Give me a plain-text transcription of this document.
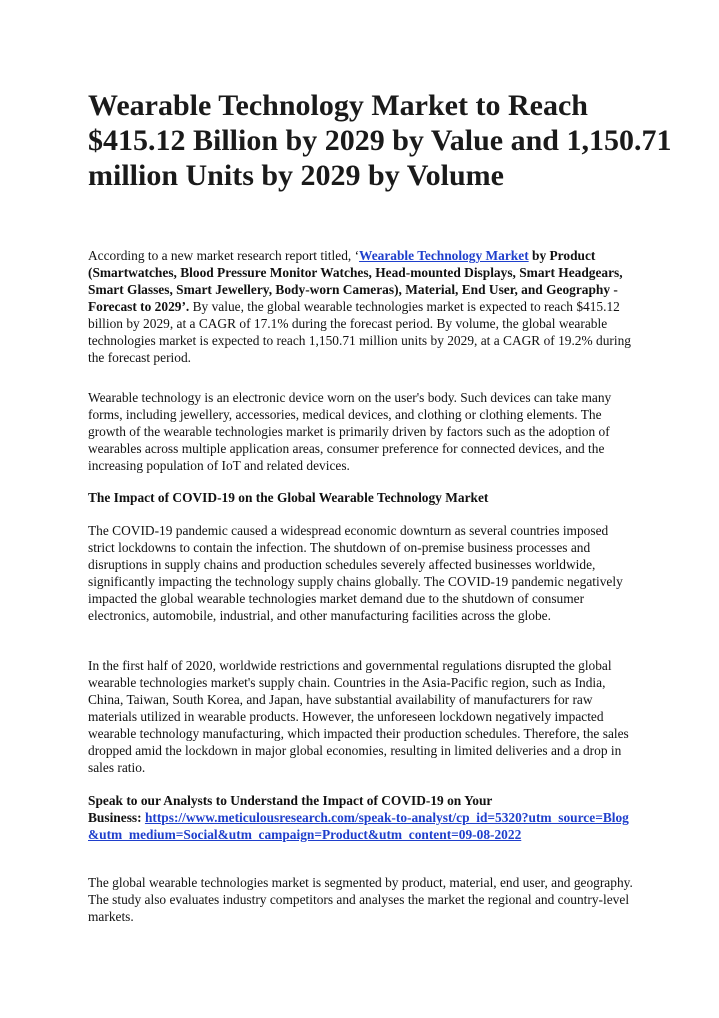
Wearable Technology Market to Reach $415.12 Billion by 2029 by Value and 1,150.71 million Units by 2029 by Volume

According to a new market research report titled, ‘Wearable Technology Market by Product (Smartwatches, Blood Pressure Monitor Watches, Head-mounted Displays, Smart Headgears, Smart Glasses, Smart Jewellery, Body-worn Cameras), Material, End User, and Geography - Forecast to 2029’. By value, the global wearable technologies market is expected to reach $415.12 billion by 2029, at a CAGR of 17.1% during the forecast period. By volume, the global wearable technologies market is expected to reach 1,150.71 million units by 2029, at a CAGR of 19.2% during the forecast period.

Wearable technology is an electronic device worn on the user's body. Such devices can take many forms, including jewellery, accessories, medical devices, and clothing or clothing elements. The growth of the wearable technologies market is primarily driven by factors such as the adoption of wearables across multiple application areas, consumer preference for connected devices, and the increasing population of IoT and related devices.

The Impact of COVID-19 on the Global Wearable Technology Market

The COVID-19 pandemic caused a widespread economic downturn as several countries imposed strict lockdowns to contain the infection. The shutdown of on-premise business processes and disruptions in supply chains and production schedules severely affected businesses worldwide, significantly impacting the technology supply chains globally. The COVID-19 pandemic negatively impacted the global wearable technologies market demand due to the shutdown of consumer electronics, automobile, industrial, and other manufacturing facilities across the globe.

In the first half of 2020, worldwide restrictions and governmental regulations disrupted the global wearable technologies market's supply chain. Countries in the Asia-Pacific region, such as India, China, Taiwan, South Korea, and Japan, have substantial availability of manufacturers for raw materials utilized in wearable products. However, the unforeseen lockdown negatively impacted wearable technology manufacturing, which impacted their production schedules. Therefore, the sales dropped amid the lockdown in major global economies, resulting in limited deliveries and a drop in sales ratio.

Speak to our Analysts to Understand the Impact of COVID-19 on Your
Business: https://www.meticulousresearch.com/speak-to-analyst/cp_id=5320?utm_source=Blog&utm_medium=Social&utm_campaign=Product&utm_content=09-08-2022

The global wearable technologies market is segmented by product, material, end user, and geography. The study also evaluates industry competitors and analyses the market the regional and country-level markets.
